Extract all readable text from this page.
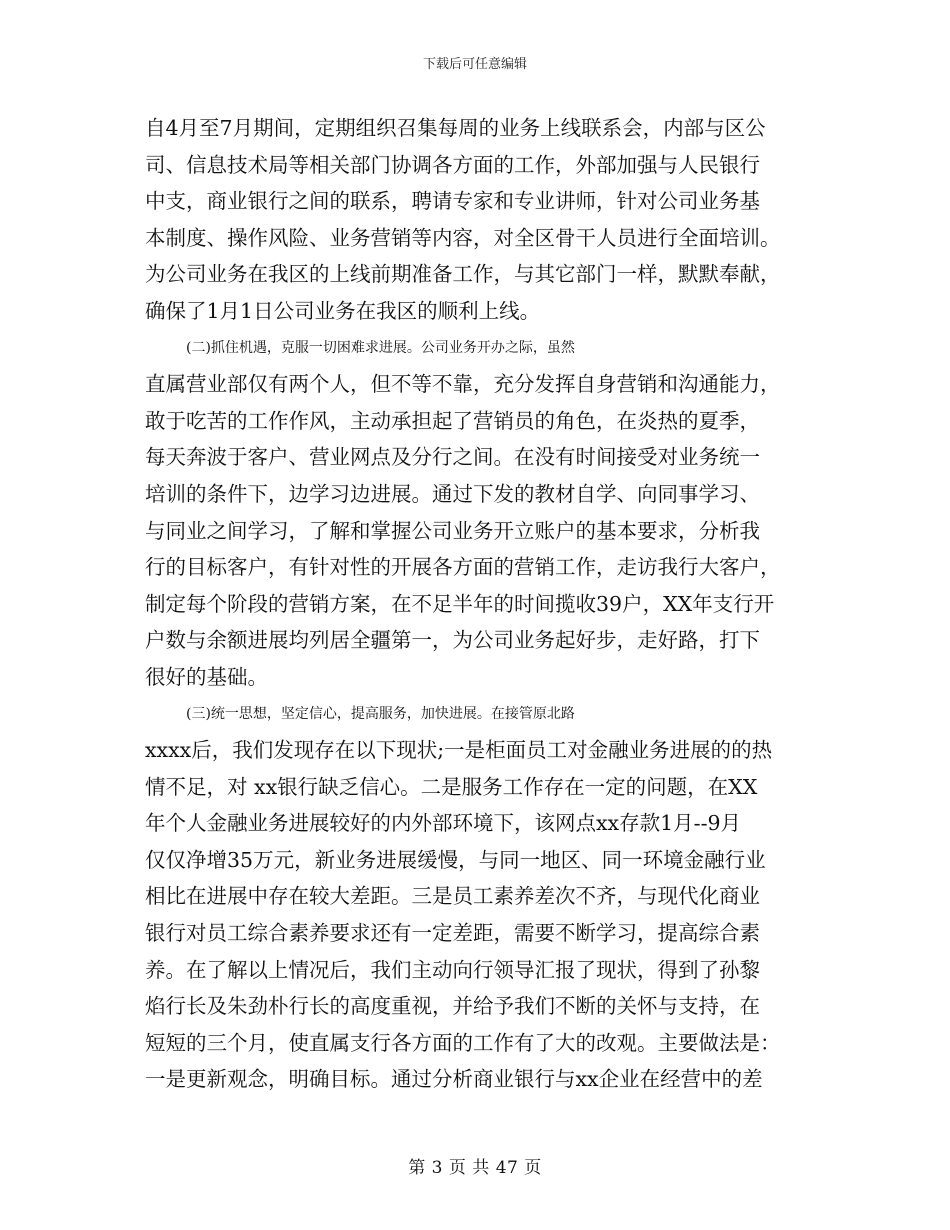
下载后可任意编辑
自4月至7月期间，定期组织召集每周的业务上线联系会，内部与区公
司、信息技术局等相关部门协调各方面的工作，外部加强与人民银行
中支，商业银行之间的联系，聘请专家和专业讲师，针对公司业务基
本制度、操作风险、业务营销等内容，对全区骨干人员进行全面培训。
为公司业务在我区的上线前期准备工作，与其它部门一样，默默奉献，
确保了1月1日公司业务在我区的顺利上线。
(二)抓住机遇，克服一切困难求进展。公司业务开办之际，虽然
直属营业部仅有两个人，但不等不靠，充分发挥自身营销和沟通能力，
敢于吃苦的工作作风，主动承担起了营销员的角色，在炎热的夏季，
每天奔波于客户、营业网点及分行之间。在没有时间接受对业务统一
培训的条件下，边学习边进展。通过下发的教材自学、向同事学习、
与同业之间学习，了解和掌握公司业务开立账户的基本要求，分析我
行的目标客户，有针对性的开展各方面的营销工作，走访我行大客户，
制定每个阶段的营销方案，在不足半年的时间揽收39户，XX年支行开
户数与余额进展均列居全疆第一，为公司业务起好步，走好路，打下
很好的基础。
(三)统一思想，坚定信心，提高服务，加快进展。在接管原北路
xxxx后，我们发现存在以下现状;一是柜面员工对金融业务进展的的热
情不足，对 xx银行缺乏信心。二是服务工作存在一定的问题，在XX
年个人金融业务进展较好的内外部环境下，该网点xx存款1月--9月
仅仅净增35万元，新业务进展缓慢，与同一地区、同一环境金融行业
相比在进展中存在较大差距。三是员工素养差次不齐，与现代化商业
银行对员工综合素养要求还有一定差距，需要不断学习，提高综合素
养。在了解以上情况后，我们主动向行领导汇报了现状，得到了孙黎
焰行长及朱劲朴行长的高度重视，并给予我们不断的关怀与支持，在
短短的三个月，使直属支行各方面的工作有了大的改观。主要做法是：
一是更新观念，明确目标。通过分析商业银行与xx企业在经营中的差
第 3 页 共 47 页
